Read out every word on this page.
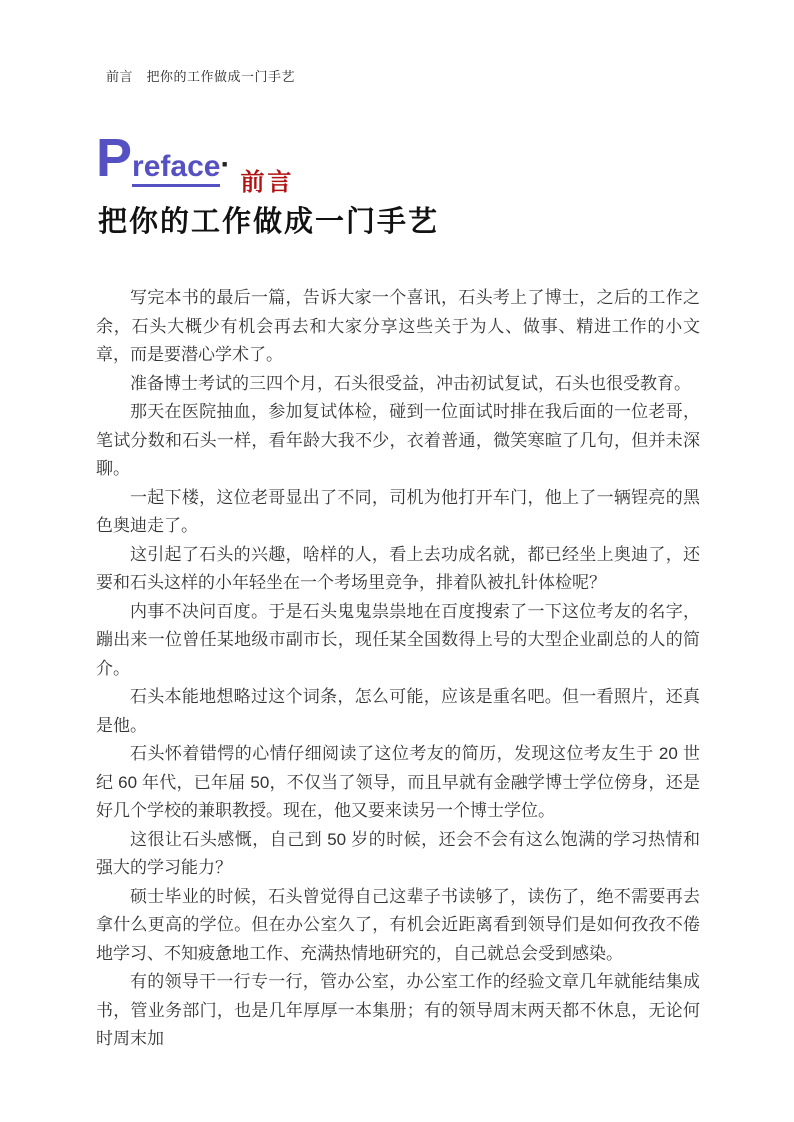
前言　把你的工作做成一门手艺
Preface·前言
把你的工作做成一门手艺

写完本书的最后一篇，告诉大家一个喜讯，石头考上了博士，之后的工作之余，石头大概少有机会再去和大家分享这些关于为人、做事、精进工作的小文章，而是要潜心学术了。

准备博士考试的三四个月，石头很受益，冲击初试复试，石头也很受教育。

那天在医院抽血，参加复试体检，碰到一位面试时排在我后面的一位老哥，笔试分数和石头一样，看年龄大我不少，衣着普通，微笑寒暄了几句，但并未深聊。

一起下楼，这位老哥显出了不同，司机为他打开车门，他上了一辆锃亮的黑色奥迪走了。

这引起了石头的兴趣，啥样的人，看上去功成名就，都已经坐上奥迪了，还要和石头这样的小年轻坐在一个考场里竞争，排着队被扎针体检呢？

内事不决问百度。于是石头鬼鬼祟祟地在百度搜索了一下这位考友的名字，蹦出来一位曾任某地级市副市长，现任某全国数得上号的大型企业副总的人的简介。

石头本能地想略过这个词条，怎么可能，应该是重名吧。但一看照片，还真是他。

石头怀着错愕的心情仔细阅读了这位考友的简历，发现这位考友生于 20 世纪 60 年代，已年届 50，不仅当了领导，而且早就有金融学博士学位傍身，还是好几个学校的兼职教授。现在，他又要来读另一个博士学位。

这很让石头感慨，自己到 50 岁的时候，还会不会有这么饱满的学习热情和强大的学习能力？

硕士毕业的时候，石头曾觉得自己这辈子书读够了，读伤了，绝不需要再去拿什么更高的学位。但在办公室久了，有机会近距离看到领导们是如何孜孜不倦地学习、不知疲惫地工作、充满热情地研究的，自己就总会受到感染。

有的领导干一行专一行，管办公室，办公室工作的经验文章几年就能结集成书，管业务部门，也是几年厚厚一本集册；有的领导周末两天都不休息，无论何时周末加
